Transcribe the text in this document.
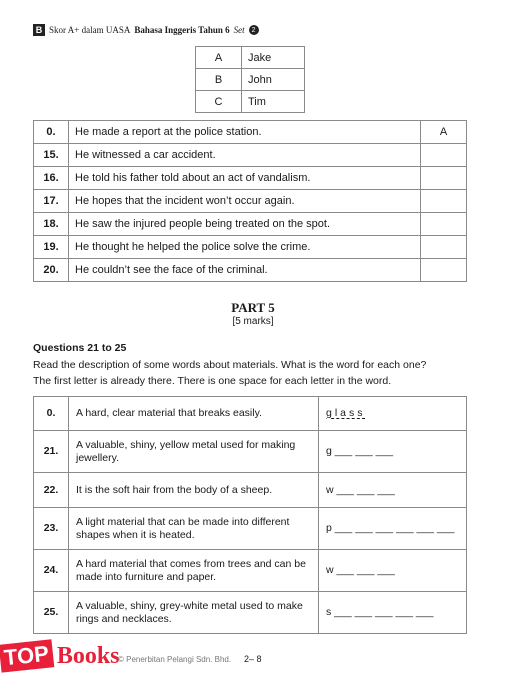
B Skor A+ dalam UASA Bahasa Inggeris Tahun 6 Set	2
A	Jake
B	John
C	Tim
0.	He made a report at the police station.	A
15.	He witnessed a car accident.	
16.	He told his father told about an act of vandalism.	
17.	He hopes that the incident won’t occur again.	
18.	He saw the injured people being treated on the spot.	
19.	He thought he helped the police solve the crime.	
20.	He couldn’t see the face of the criminal.	
PART 5
[5 marks]
Questions 21 to 25
Read the description of some words about materials. What is the word for each one?
The first letter is already there. There is one space for each letter in the word.
0.	A hard, clear material that breaks easily.	glass
21.	A valuable, shiny, yellow metal used for making jewellery.	g ___ ___ ___
22.	It is the soft hair from the body of a sheep.	w ___ ___ ___
23.	A light material that can be made into different shapes when it is heated.	p ___ ___ ___ ___ ___ ___
24.	A hard material that comes from trees and can be made into furniture and paper.	w ___ ___ ___
25.	A valuable, shiny, grey-white metal used to make rings and necklaces.	s ___ ___ ___ ___ ___
TOP Books
© Penerbitan Pelangi Sdn. Bhd. 2– 8
